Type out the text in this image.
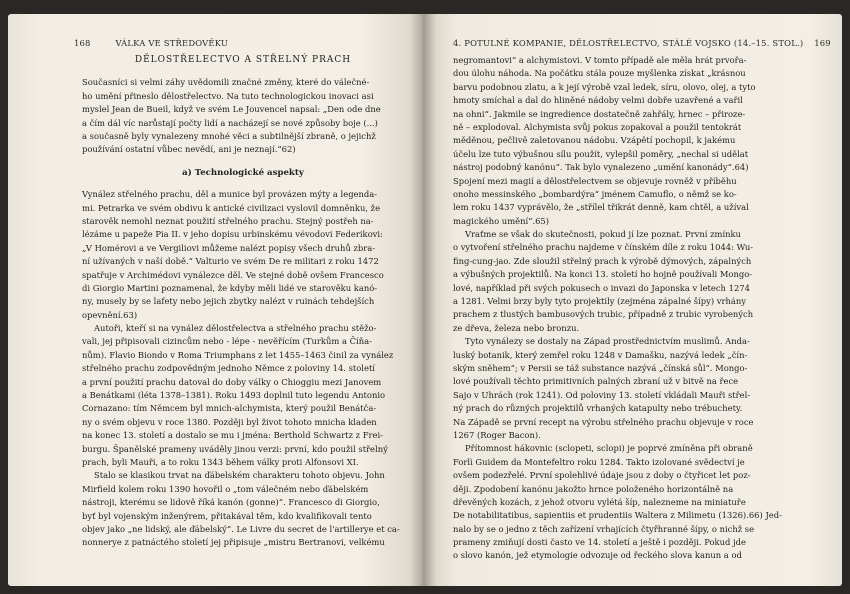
168	VÁLKA VE STŘEDOVĚKU
DĚLOSTŘELECTVO A STŘELNÝ PRACH
Současníci si velmi záhy uvědomili značné změny, které do válečné-
ho umění přineslo dělostřelectvo. Na tuto technologickou inovaci asi
myslel Jean de Bueil, když ve svém Le Jouvencel napsal: „Den ode dne
a čím dál víc narůstají počty lidí a nacházejí se nové způsoby boje (...)
a současně byly vynalezeny mnohé věci a subtilnější zbraně, o jejichž
používání ostatní vůbec nevědí, ani je neznají.“62)
a) Technologické aspekty
Vynález střelného prachu, děl a munice byl provázen mýty a legenda-
mi. Petrarka ve svém obdivu k antické civilizaci vyslovil domněnku, že
starověk nemohl neznat použití střelného prachu. Stejný postřeh na-
lézáme u papeže Pia II. v jeho dopisu urbinskému vévodovi Federikovi:
„V Homérovi a ve Vergiliovi můžeme nalézt popisy všech druhů zbra-
ní užívaných v naší době.“ Valturio ve svém De re militari z roku 1472
spatřuje v Archimédovi vynálezce děl. Ve stejné době ovšem Francesco
di Giorgio Martini poznamenal, že kdyby měli lidé ve starověku kanó-
ny, musely by se lafety nebo jejich zbytky nalézt v ruinách tehdejších
opevnění.63)
Autoři, kteří si na vynález dělostřelectva a střelného prachu stěžo-
vali, jej připisovali cizincům nebo - lépe - nevěřícím (Turkům a Číňa-
nům). Flavio Biondo v Roma Triumphans z let 1455–1463 činil za vynález
střelného prachu zodpovědným jednoho Němce z poloviny 14. století
a první použití prachu datoval do doby války o Chioggiu mezi Janovem
a Benátkami (léta 1378–1381). Roku 1493 doplnil tuto legendu Antonio
Cornazano: tím Němcem byl mnich-alchymista, který použil Benátča-
ny o svém objevu v roce 1380. Později byl život tohoto mnicha kladen
na konec 13. století a dostalo se mu i jména: Berthold Schwartz z Frei-
burgu. Španělské prameny uváděly jinou verzi: první, kdo použil střelný
prach, byli Mauři, a to roku 1343 během války proti Alfonsovi XI.
Stalo se klasikou trvat na ďábelském charakteru tohoto objevu. John
Mirfield kolem roku 1390 hovořil o „tom válečném nebo ďábelském
nástroji, kterému se lidově říká kanón (gonne)“. Francesco di Giorgio,
byť byl vojenským inženýrem, přitakával těm, kdo kvalifikovali tento
objev jako „ne lidský, ale ďábelský“. Le Livre du secret de l'artillerye et ca-
nonnerye z patnáctého století jej připisuje „mistru Bertranovi, velkému
4. POTULNÉ KOMPANIE, DĚLOSTŘELECTVO, STÁLÉ VOJSKO (14.–15. STOL.) 169
negromantovi“ a alchymistovi. V tomto případě ale měla hrát prvořa-
dou úlohu náhoda. Na počátku stála pouze myšlenka získat „krásnou
barvu podobnou zlatu, a k její výrobě vzal ledek, síru, olovo, olej, a tyto
hmoty smíchal a dal do hliněné nádoby velmi dobře uzavřené a vařil
na ohni“. Jakmile se ingredience dostatečně zahřály, hrnec – přiroze-
ně – explodoval. Alchymista svůj pokus zopakoval a použil tentokrát
měděnou, pečlivě zaletovanou nádobu. Vzápětí pochopil, k jakému
účelu lze tuto výbušnou sílu použít, vylepšil poměry, „nechal si udělat
nástroj podobný kanónu“. Tak bylo vynalezeno „umění kanonády“.64)
Spojení mezi magií a dělostřelectvem se objevuje rovněž v příběhu
onoho messinského „bombardýra“ jménem Camuflo, o němž se ko-
lem roku 1437 vyprávělo, že „střílel třikrát denně, kam chtěl, a užíval
magického umění“.65)
Vraťme se však do skutečnosti, pokud jí lze poznat. První zmínku
o vytvoření střelného prachu najdeme v čínském díle z roku 1044: Wu-
fing-cung-jao. Zde sloužil střelný prach k výrobě dýmových, zápalných
a výbušných projektilů. Na konci 13. století ho hojně používali Mongo-
lové, například při svých pokusech o invazi do Japonska v letech 1274
a 1281. Velmi brzy byly tyto projektily (zejména zápalné šípy) vrhány
prachem z tlustých bambusových trubic, případně z trubic vyrobených
ze dřeva, železa nebo bronzu.
Tyto vynálezy se dostaly na Západ prostřednictvím muslimů. Anda-
luský botanik, který zemřel roku 1248 v Damašku, nazývá ledek „čín-
ským sněhem“; v Persii se táž substance nazývá „čínská sůl“. Mongo-
lové používali těchto primitivních palných zbraní už v bitvě na řece
Sajo v Uhrách (rok 1241). Od poloviny 13. století vkládali Mauři střel-
ný prach do různých projektilů vrhaných katapulty nebo trébuchety.
Na Západě se první recept na výrobu střelného prachu objevuje v roce
1267 (Roger Bacon).
Přítomnost hákovnic (sclopeti, sclopi) je poprvé zmíněna při obraně
Forlì Guidem da Montefeltro roku 1284. Takto izolované svědectví je
ovšem podezřelé. První spolehlivé údaje jsou z doby o čtyřicet let poz-
ději. Zpodobení kanónu jakožto hrnce položeného horizontálně na
dřevěných kozách, z jehož otvoru vylétá šíp, nalezneme na miniatuře
De notabilitatibus, sapientiis et prudentiis Waltera z Milimetu (1326).66) Jed-
nalo by se o jedno z těch zařízení vrhajících čtyřhranné šípy, o nichž se
prameny zmiňují dosti často ve 14. století a ještě i později. Pokud jde
o slovo kanón, jež etymologie odvozuje od řeckého slova kanun a od
